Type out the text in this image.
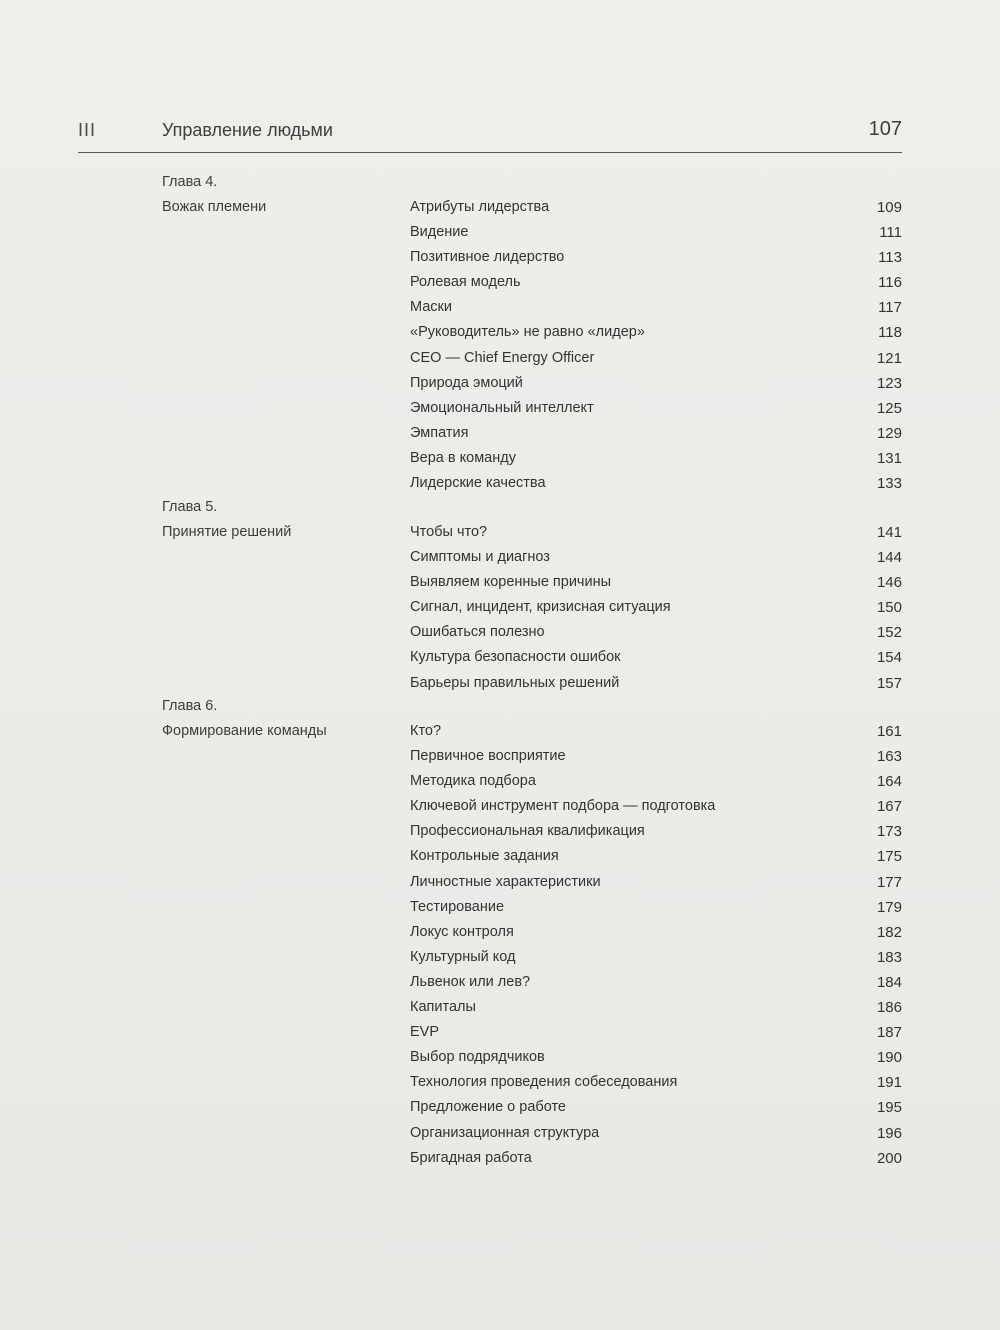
III	Управление людьми	107
Глава 4.
Вожак племени	Атрибуты лидерства	109
Видение	111
Позитивное лидерство	113
Ролевая модель	116
Маски	117
«Руководитель» не равно «лидер»	118
CEO — Chief Energy Officer	121
Природа эмоций	123
Эмоциональный интеллект	125
Эмпатия	129
Вера в команду	131
Лидерские качества	133
Глава 5.
Принятие решений	Чтобы что?	141
Симптомы и диагноз	144
Выявляем коренные причины	146
Сигнал, инцидент, кризисная ситуация	150
Ошибаться полезно	152
Культура безопасности ошибок	154
Барьеры правильных решений	157
Глава 6.
Формирование команды	Кто?	161
Первичное восприятие	163
Методика подбора	164
Ключевой инструмент подбора — подготовка	167
Профессиональная квалификация	173
Контрольные задания	175
Личностные характеристики	177
Тестирование	179
Локус контроля	182
Культурный код	183
Львенок или лев?	184
Капиталы	186
EVP	187
Выбор подрядчиков	190
Технология проведения собеседования	191
Предложение о работе	195
Организационная структура	196
Бригадная работа	200
